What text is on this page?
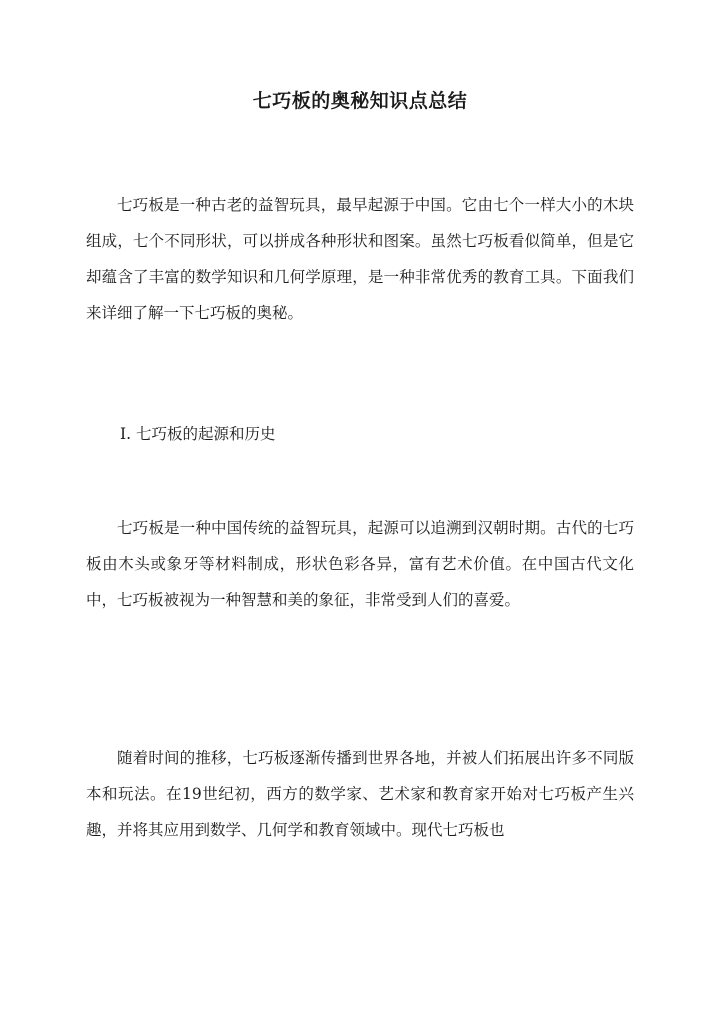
七巧板的奥秘知识点总结

七巧板是一种古老的益智玩具，最早起源于中国。它由七个一样大小的木块组成，七个不同形状，可以拼成各种形状和图案。虽然七巧板看似简单，但是它却蕴含了丰富的数学知识和几何学原理，是一种非常优秀的教育工具。下面我们来详细了解一下七巧板的奥秘。

I. 七巧板的起源和历史

七巧板是一种中国传统的益智玩具，起源可以追溯到汉朝时期。古代的七巧板由木头或象牙等材料制成，形状色彩各异，富有艺术价值。在中国古代文化中，七巧板被视为一种智慧和美的象征，非常受到人们的喜爱。

随着时间的推移，七巧板逐渐传播到世界各地，并被人们拓展出许多不同版本和玩法。在19世纪初，西方的数学家、艺术家和教育家开始对七巧板产生兴趣，并将其应用到数学、几何学和教育领域中。现代七巧板也
